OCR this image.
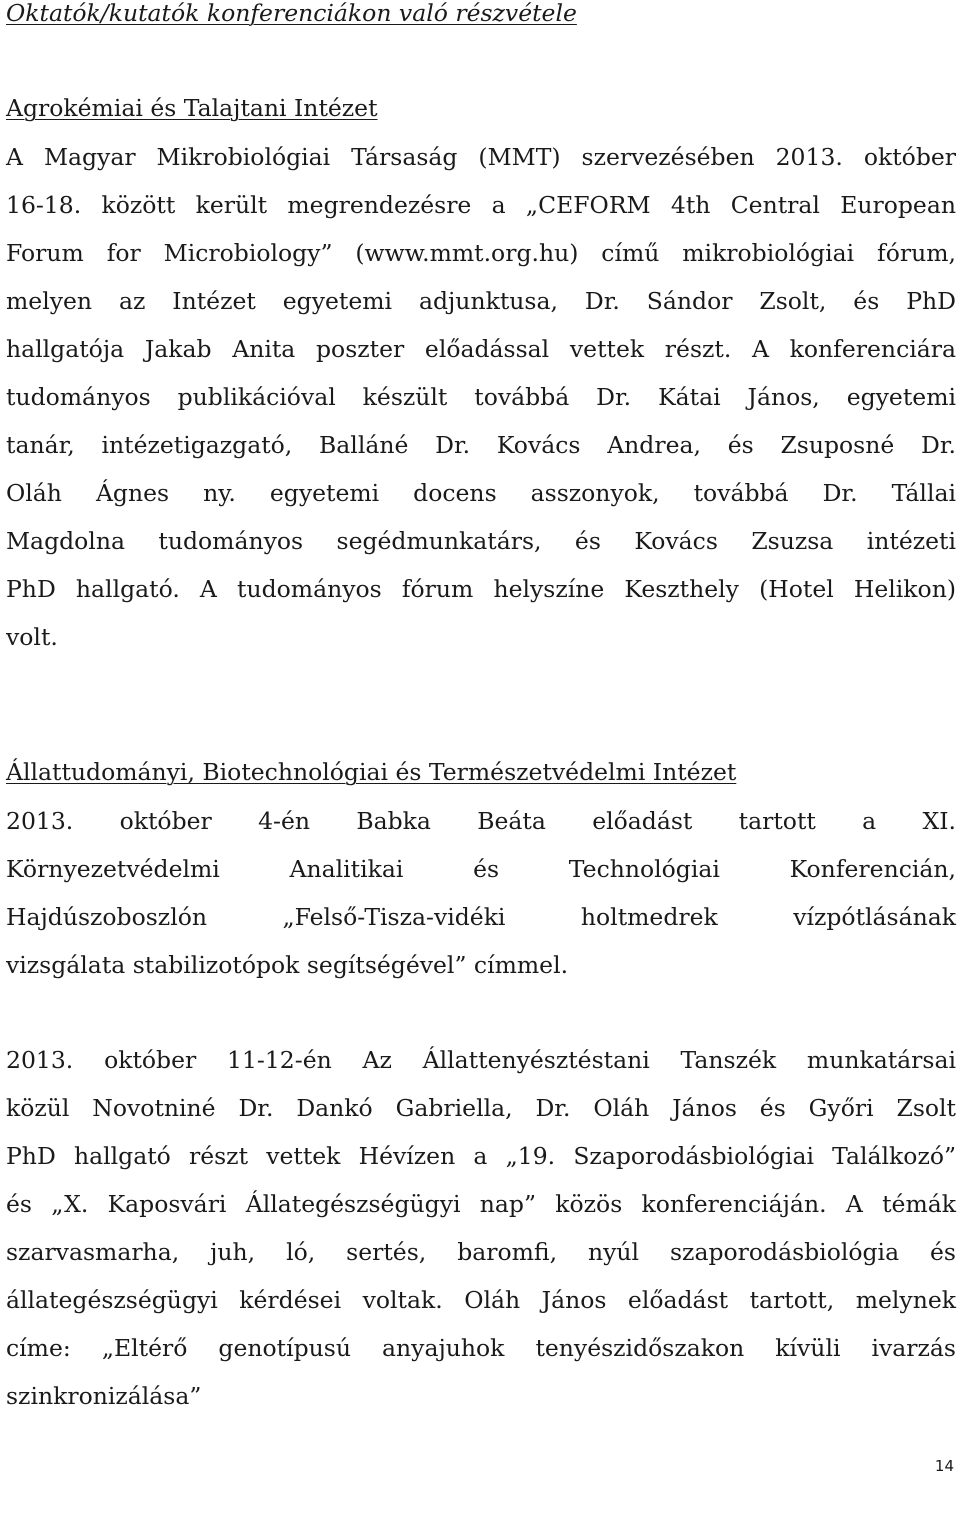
Oktatók/kutatók konferenciákon való részvétele
Agrokémiai és Talajtani Intézet
A Magyar Mikrobiológiai Társaság (MMT) szervezésében 2013. október
16-18. között került megrendezésre a „CEFORM 4th Central European
Forum for Microbiology” (www.mmt.org.hu) című mikrobiológiai fórum,
melyen az Intézet egyetemi adjunktusa, Dr. Sándor Zsolt, és PhD
hallgatója Jakab Anita poszter előadással vettek részt. A konferenciára
tudományos publikációval készült továbbá Dr. Kátai János, egyetemi
tanár, intézetigazgató, Balláné Dr. Kovács Andrea, és Zsuposné Dr.
Oláh Ágnes ny. egyetemi docens asszonyok, továbbá Dr. Tállai
Magdolna tudományos segédmunkatárs, és Kovács Zsuzsa intézeti
PhD hallgató. A tudományos fórum helyszíne Keszthely (Hotel Helikon)
volt.
Állattudományi, Biotechnológiai és Természetvédelmi Intézet
2013. október 4-én Babka Beáta előadást tartott a XI.
Környezetvédelmi Analitikai és Technológiai Konferencián,
Hajdúszoboszlón „Felső-Tisza-vidéki holtmedrek vízpótlásának
vizsgálata stabilizotópok segítségével” címmel.
2013. október 11-12-én Az Állattenyésztéstani Tanszék munkatársai
közül Novotniné Dr. Dankó Gabriella, Dr. Oláh János és Győri Zsolt
PhD hallgató részt vettek Hévízen a „19. Szaporodásbiológiai Találkozó”
és „X. Kaposvári Állategészségügyi nap” közös konferenciáján. A témák
szarvasmarha, juh, ló, sertés, baromfi, nyúl szaporodásbiológia és
állategészségügyi kérdései voltak. Oláh János előadást tartott, melynek
címe: „Eltérő genotípusú anyajuhok tenyészidőszakon kívüli ivarzás
szinkronizálása”
14
